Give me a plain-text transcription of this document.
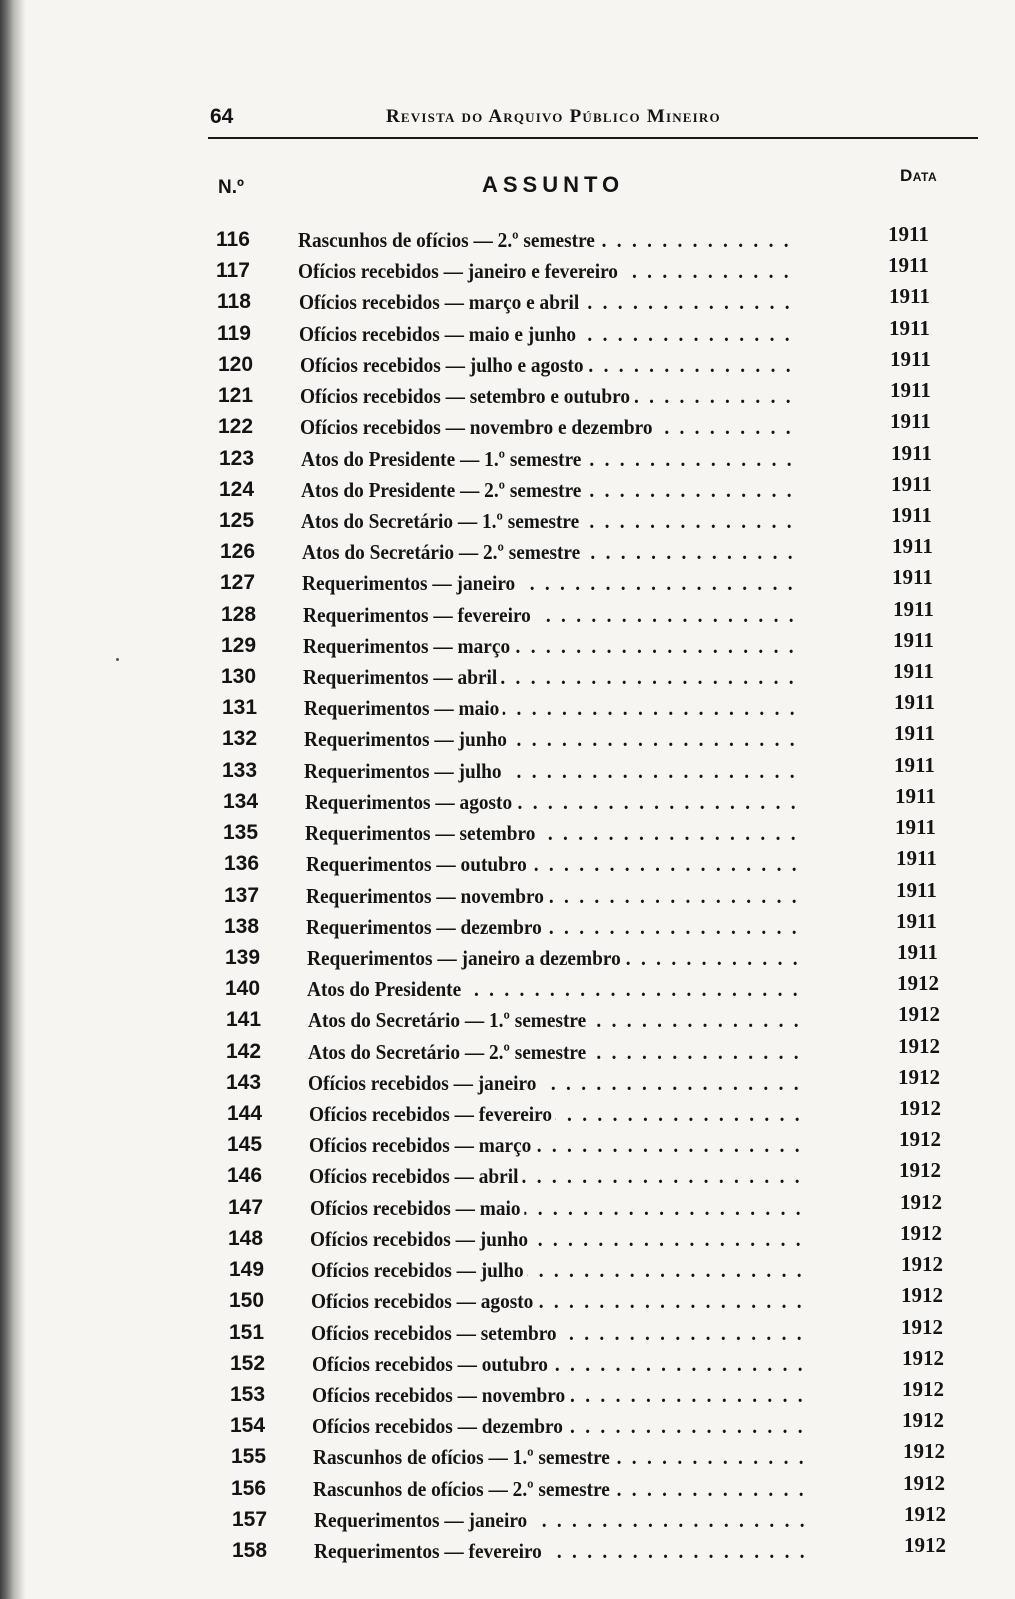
64	Revista do Arquivo Público Mineiro
N.º	ASSUNTO	Data
116	Rascunhos de ofícios — 2.º semestre . . .	1911
117	Ofícios recebidos — janeiro e fevereiro . . .	1911
118	Ofícios recebidos — março e abril . . .	1911
119	Ofícios recebidos — maio e junho . . .	1911
120	Ofícios recebidos — julho e agosto . . .	1911
121	Ofícios recebidos — setembro e outubro . . .	1911
122	Ofícios recebidos — novembro e dezembro . . .	1911
123	Atos do Presidente — 1.º semestre . . .	1911
124	Atos do Presidente — 2.º semestre . . .	1911
125	Atos do Secretário — 1.º semestre . . .	1911
126	Atos do Secretário — 2.º semestre . . .	1911
127	Requerimentos — janeiro . . .	1911
128	Requerimentos — fevereiro . . .	1911
129	Requerimentos — março . . .	1911
130	Requerimentos — abril . . .	1911
131	Requerimentos — maio . . .	1911
132	Requerimentos — junho . . .	1911
133	Requerimentos — julho . . .	1911
134	Requerimentos — agosto . . .	1911
135	Requerimentos — setembro . . .	1911
136	Requerimentos — outubro . . .	1911
137	Requerimentos — novembro . . .	1911
138	Requerimentos — dezembro . . .	1911
139	Requerimentos — janeiro a dezembro . . .	1911
140	Atos do Presidente . . .	1912
141	Atos do Secretário — 1.º semestre . . .	1912
142	Atos do Secretário — 2.º semestre . . .	1912
143	Ofícios recebidos — janeiro . . .	1912
144	Ofícios recebidos — fevereiro . . .	1912
145	Ofícios recebidos — março . . .	1912
146	Ofícios recebidos — abril . . .	1912
147	Ofícios recebidos — maio . . .	1912
148	Ofícios recebidos — junho . . .	1912
149	Ofícios recebidos — julho . . .	1912
150	Ofícios recebidos — agosto . . .	1912
151	Ofícios recebidos — setembro . . .	1912
152	Ofícios recebidos — outubro . . .	1912
153	Ofícios recebidos — novembro . . .	1912
154	Ofícios recebidos — dezembro . . .	1912
155	Rascunhos de ofícios — 1.º semestre . . .	1912
156	Rascunhos de ofícios — 2.º semestre . . .	1912
157	Requerimentos — janeiro . . .	1912
158	Requerimentos — fevereiro . . .	1912
